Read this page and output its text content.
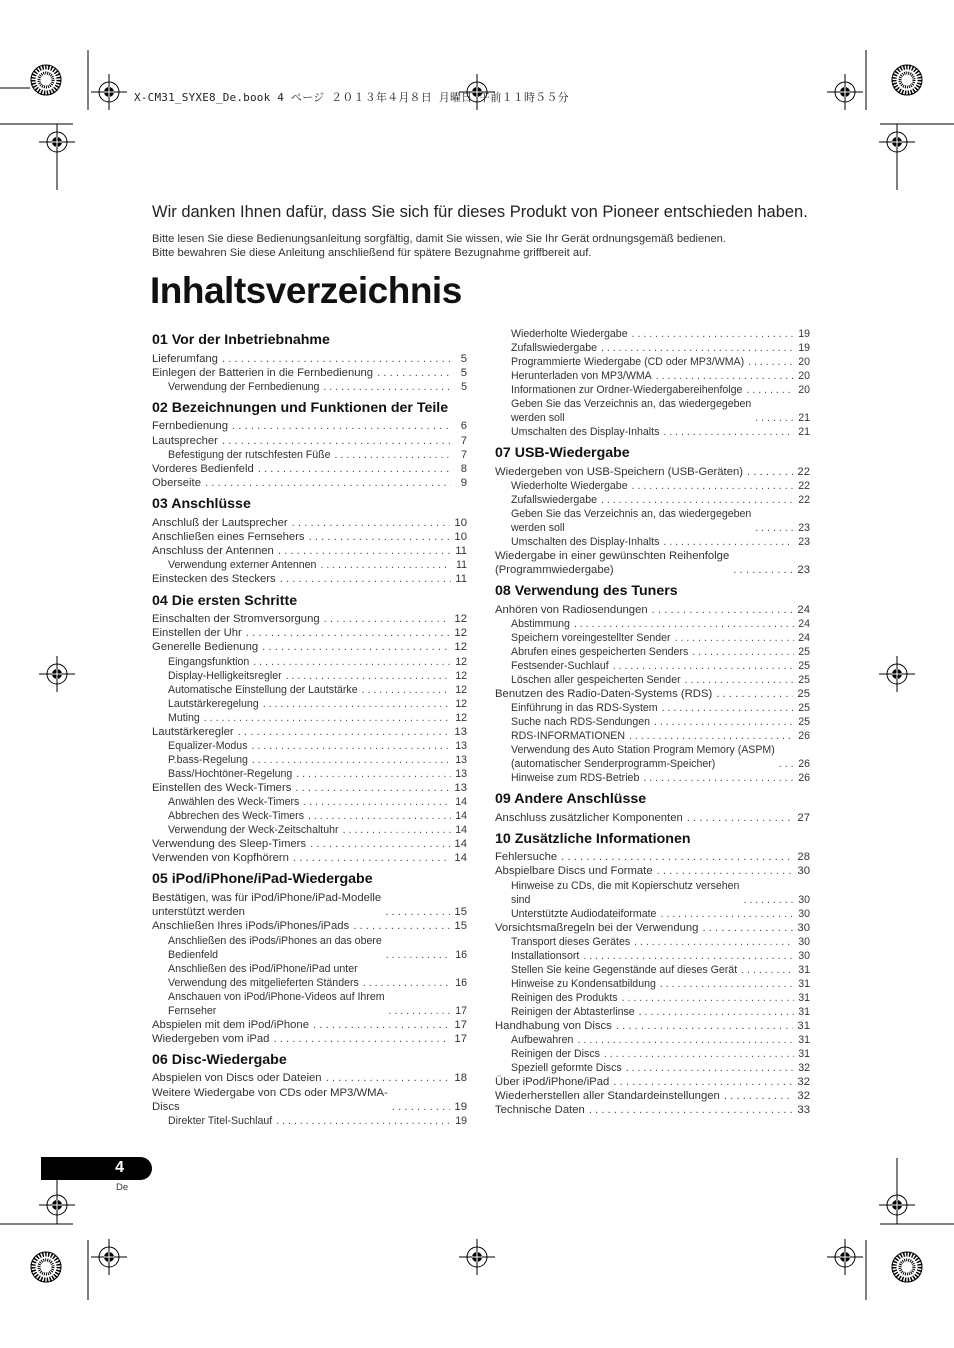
X-CM31_SYXE8_De.book 4 ページ ２０１３年４月８日 月曜日 午前１１時５５分
Wir danken Ihnen dafür, dass Sie sich für dieses Produkt von Pioneer entschieden haben.
Bitte lesen Sie diese Bedienungsanleitung sorgfältig, damit Sie wissen, wie Sie Ihr Gerät ordnungsgemäß bedienen.
Bitte bewahren Sie diese Anleitung anschließend für spätere Bezugnahme griffbereit auf.
Inhaltsverzeichnis
01 Vor der Inbetriebnahme
Lieferumfang . . .	5
Einlegen der Batterien in die Fernbedienung . . .	5
Verwendung der Fernbedienung . . .	5
02 Bezeichnungen und Funktionen der Teile
Fernbedienung . . .	6
Lautsprecher . . .	7
Befestigung der rutschfesten Füße . . .	7
Vorderes Bedienfeld . . .	8
Oberseite . . .	9
03 Anschlüsse
Anschluß der Lautsprecher . . .	10
Anschließen eines Fernsehers . . .	10
Anschluss der Antennen . . .	11
Verwendung externer Antennen . . .	11
Einstecken des Steckers . . .	11
04 Die ersten Schritte
Einschalten der Stromversorgung . . .	12
Einstellen der Uhr . . .	12
Generelle Bedienung . . .	12
Eingangsfunktion . . .	12
Display-Helligkeitsregler . . .	12
Automatische Einstellung der Lautstärke . . .	12
Lautstärkeregelung . . .	12
Muting . . .	12
Lautstärkeregler . . .	13
Equalizer-Modus . . .	13
P.bass-Regelung . . .	13
Bass/Hochtöner-Regelung . . .	13
Einstellen des Weck-Timers . . .	13
Anwählen des Weck-Timers . . .	14
Abbrechen des Weck-Timers . . .	14
Verwendung der Weck-Zeitschaltuhr . . .	14
Verwendung des Sleep-Timers . . .	14
Verwenden von Kopfhörern . . .	14
05 iPod/iPhone/iPad-Wiedergabe
Bestätigen, was für iPod/iPhone/iPad-Modelle
unterstützt werden . . .	15
Anschließen Ihres iPods/iPhones/iPads . . .	15
Anschließen des iPods/iPhones an das obere
Bedienfeld . . .	16
Anschließen des iPod/iPhone/iPad unter
Verwendung des mitgelieferten Ständers . . .	16
Anschauen von iPod/iPhone-Videos auf Ihrem
Fernseher . . .	17
Abspielen mit dem iPod/iPhone . . .	17
Wiedergeben vom iPad . . .	17
06 Disc-Wiedergabe
Abspielen von Discs oder Dateien . . .	18
Weitere Wiedergabe von CDs oder MP3/WMA-
Discs . . .	19
Direkter Titel-Suchlauf . . .	19
Wiederholte Wiedergabe . . .	19
Zufallswiedergabe . . .	19
Programmierte Wiedergabe (CD oder MP3/WMA) . . .	20
Herunterladen von MP3/WMA . . .	20
Informationen zur Ordner-Wiedergabereihenfolge . . .	20
Geben Sie das Verzeichnis an, das wiedergegeben
werden soll . . .	21
Umschalten des Display-Inhalts . . .	21
07 USB-Wiedergabe
Wiedergeben von USB-Speichern (USB-Geräten) . . .	22
Wiederholte Wiedergabe . . .	22
Zufallswiedergabe . . .	22
Geben Sie das Verzeichnis an, das wiedergegeben
werden soll . . .	23
Umschalten des Display-Inhalts . . .	23
Wiedergabe in einer gewünschten Reihenfolge
(Programmwiedergabe) . . .	23
08 Verwendung des Tuners
Anhören von Radiosendungen . . .	24
Abstimmung . . .	24
Speichern voreingestellter Sender . . .	24
Abrufen eines gespeicherten Senders . . .	25
Festsender-Suchlauf . . .	25
Löschen aller gespeicherten Sender . . .	25
Benutzen des Radio-Daten-Systems (RDS) . . .	25
Einführung in das RDS-System . . .	25
Suche nach RDS-Sendungen . . .	25
RDS-INFORMATIONEN . . .	26
Verwendung des Auto Station Program Memory (ASPM)
(automatischer Senderprogramm-Speicher) . . .	26
Hinweise zum RDS-Betrieb . . .	26
09 Andere Anschlüsse
Anschluss zusätzlicher Komponenten . . .	27
10 Zusätzliche Informationen
Fehlersuche . . .	28
Abspielbare Discs und Formate . . .	30
Hinweise zu CDs, die mit Kopierschutz versehen
sind . . .	30
Unterstützte Audiodateiformate . . .	30
Vorsichtsmaßregeln bei der Verwendung . . .	30
Transport dieses Gerätes . . .	30
Installationsort . . .	30
Stellen Sie keine Gegenstände auf dieses Gerät . . .	31
Hinweise zu Kondensatbildung . . .	31
Reinigen des Produkts . . .	31
Reinigen der Abtasterlinse . . .	31
Handhabung von Discs . . .	31
Aufbewahren . . .	31
Reinigen der Discs . . .	31
Speziell geformte Discs . . .	32
Über iPod/iPhone/iPad . . .	32
Wiederherstellen aller Standardeinstellungen . . .	32
Technische Daten . . .	33
4
De
